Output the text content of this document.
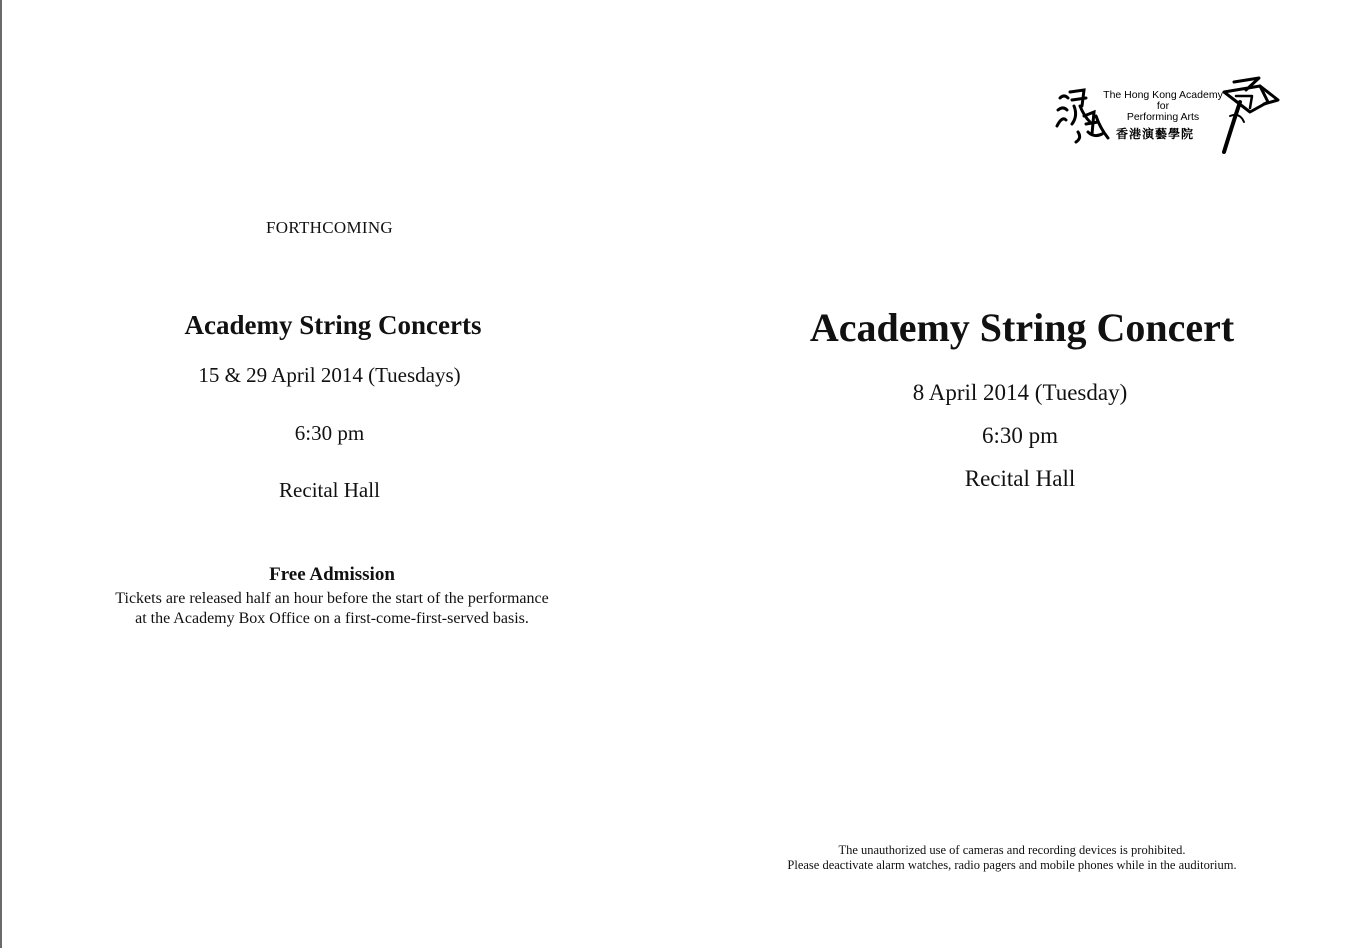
FORTHCOMING
Academy String Concerts
15 & 29 April 2014 (Tuesdays)
6:30 pm
Recital Hall
Free Admission
Tickets are released half an hour before the start of the performance
at the Academy Box Office on a first-come-first-served basis.
The Hong Kong Academy
for
Performing Arts
香港演藝學院
Academy String Concert
8 April 2014 (Tuesday)
6:30 pm
Recital Hall
The unauthorized use of cameras and recording devices is prohibited.
Please deactivate alarm watches, radio pagers and mobile phones while in the auditorium.
